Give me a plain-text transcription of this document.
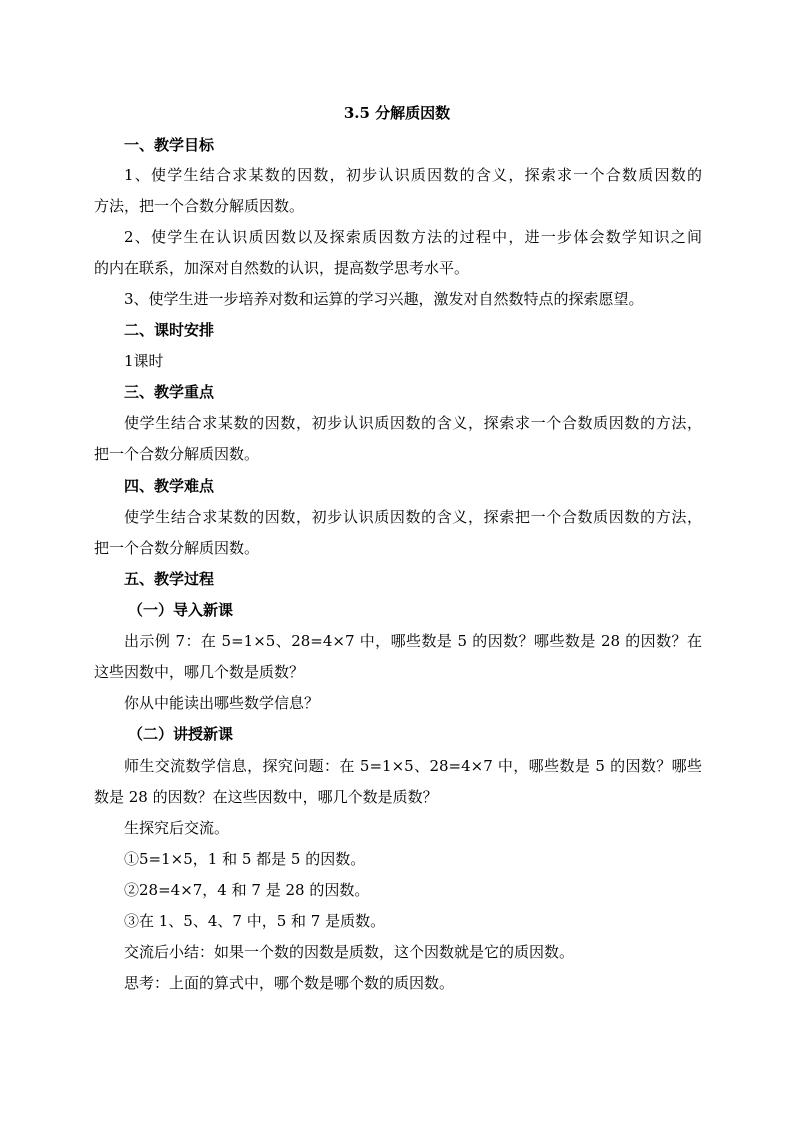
3.5 分解质因数
一、教学目标
1、使学生结合求某数的因数，初步认识质因数的含义，探索求一个合数质因数的
方法，把一个合数分解质因数。
2、使学生在认识质因数以及探索质因数方法的过程中，进一步体会数学知识之间
的内在联系，加深对自然数的认识，提高数学思考水平。
3、使学生进一步培养对数和运算的学习兴趣，激发对自然数特点的探索愿望。
二、课时安排
1课时
三、教学重点
使学生结合求某数的因数，初步认识质因数的含义，探索求一个合数质因数的方法，
把一个合数分解质因数。
四、教学难点
使学生结合求某数的因数，初步认识质因数的含义，探索把一个合数质因数的方法，
把一个合数分解质因数。
五、教学过程
（一）导入新课
出示例 7：在 5=1×5、28=4×7 中，哪些数是 5 的因数？哪些数是 28 的因数？在
这些因数中，哪几个数是质数？
你从中能读出哪些数学信息？
（二）讲授新课
师生交流数学信息，探究问题：在 5=1×5、28=4×7 中，哪些数是 5 的因数？哪些
数是 28 的因数？在这些因数中，哪几个数是质数？
生探究后交流。
①5=1×5，1 和 5 都是 5 的因数。
②28=4×7，4 和 7 是 28 的因数。
③在 1、5、4、7 中，5 和 7 是质数。
交流后小结：如果一个数的因数是质数，这个因数就是它的质因数。
思考：上面的算式中，哪个数是哪个数的质因数。
